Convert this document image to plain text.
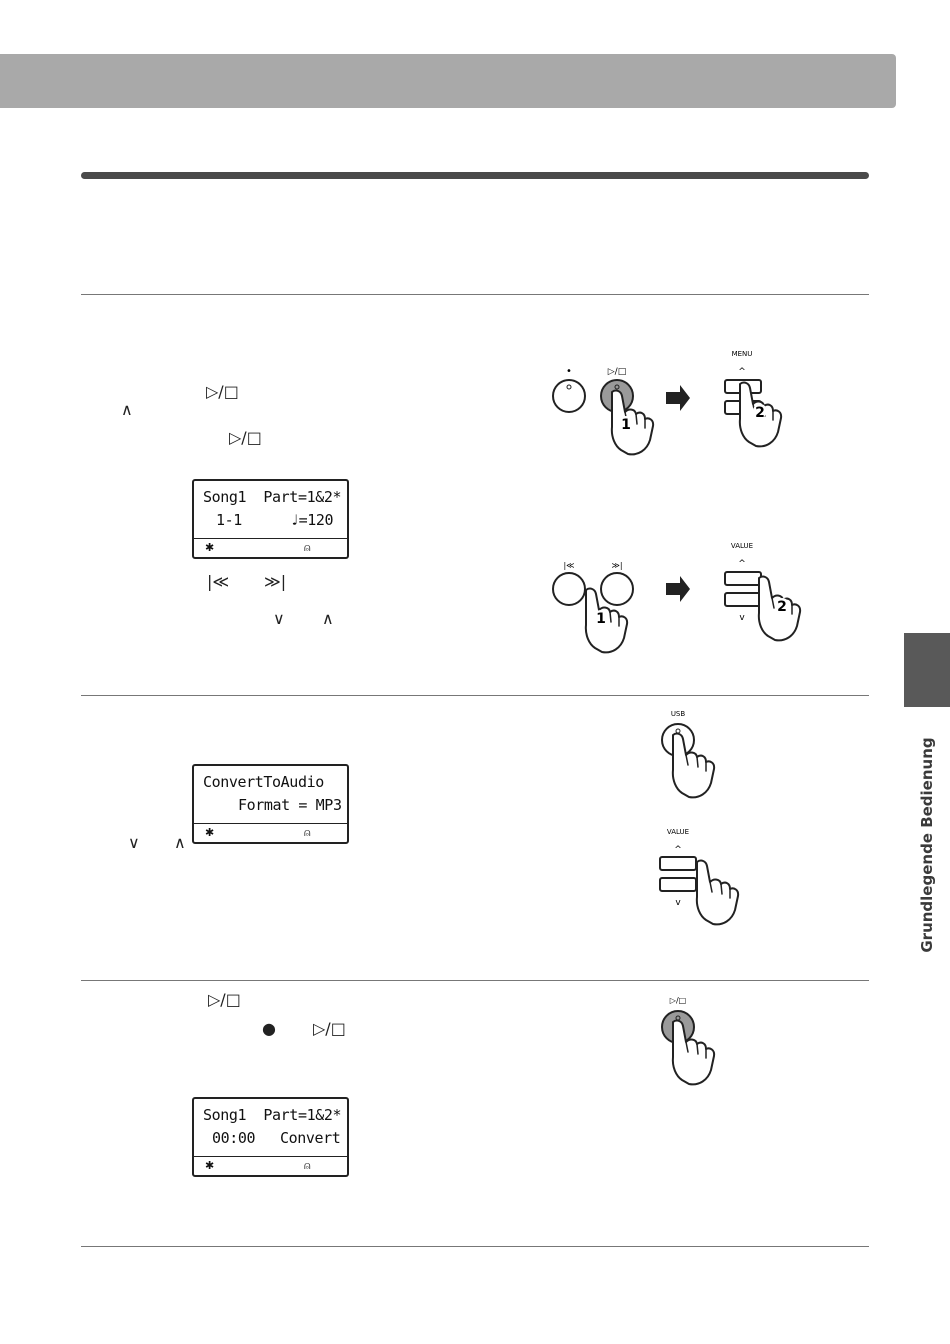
Grundlegende Bedienung
▷/□
∧
▷/□
Song1  Part=1&2*
1-1	♩=120
✱	⍝
|≪ ≫|
∨ ∧
ConvertToAudio
Format = MP3
✱	⍝
∨ ∧
▷/□
● ▷/□
Song1  Part=1&2*
00:00	Convert
✱	⍝
•	▷/□
1
MENU
^
2
|≪	≫|
1
VALUE
^
v
2
USB
VALUE
^
v
▷/□
